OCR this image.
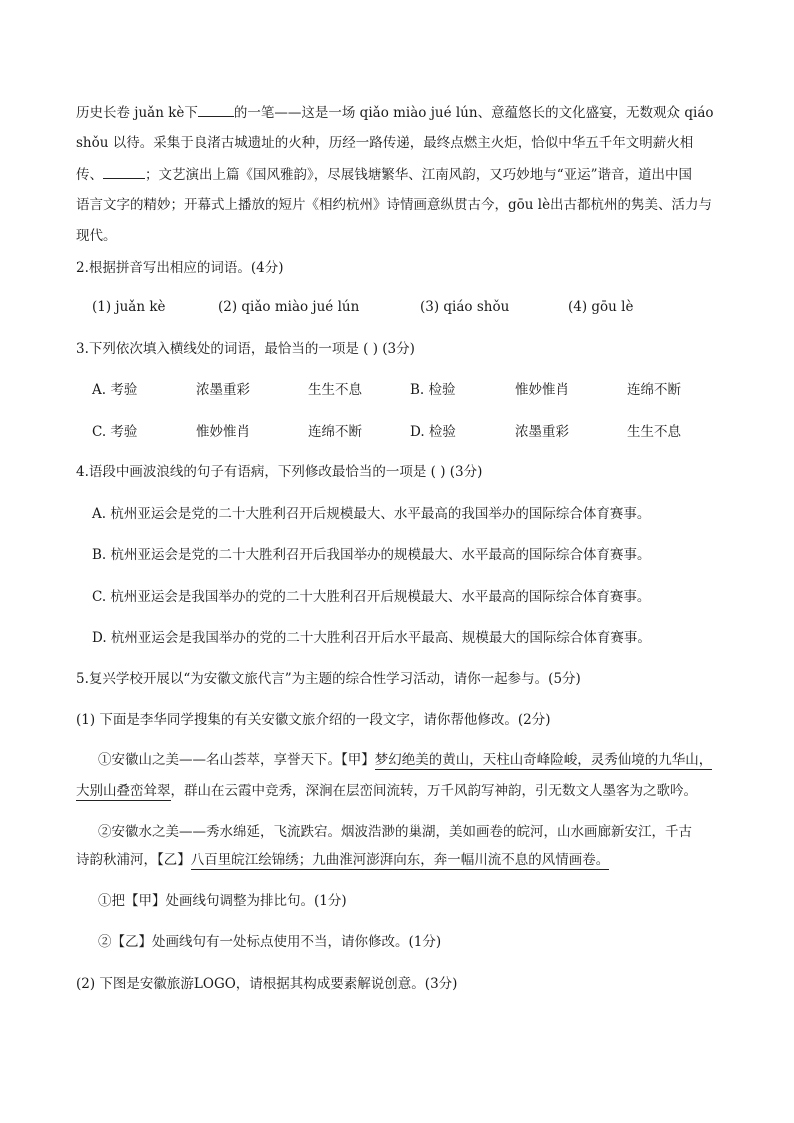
历史长卷 juǎn kè下	的一笔——这是一场 qiǎo miào jué lún、意蕴悠长的文化盛宴，无数观众 qiáo
shǒu 以待。采集于良渚古城遗址的火种，历经一路传递，最终点燃主火炬，恰似中华五千年文明薪火相
传、	；文艺演出上篇《国风雅韵》，尽展钱塘繁华、江南风韵，又巧妙地与“亚运”谐音，道出中国
语言文字的精妙；开幕式上播放的短片《相约杭州》诗情画意纵贯古今，gōu lè出古都杭州的隽美、活力与
现代。
2.根据拼音写出相应的词语。(4分)
(1) juǎn kè	(2) qiǎo miào jué lún	(3) qiáo shǒu	(4) gōu lè
3.下列依次填入横线处的词语，最恰当的一项是 ( ) (3分)
A. 考验	浓墨重彩	生生不息	B. 检验	惟妙惟肖	连绵不断
C. 考验	惟妙惟肖	连绵不断	D. 检验	浓墨重彩	生生不息
4.语段中画波浪线的句子有语病，下列修改最恰当的一项是 ( ) (3分)
A. 杭州亚运会是党的二十大胜利召开后规模最大、水平最高的我国举办的国际综合体育赛事。
B. 杭州亚运会是党的二十大胜利召开后我国举办的规模最大、水平最高的国际综合体育赛事。
C. 杭州亚运会是我国举办的党的二十大胜利召开后规模最大、水平最高的国际综合体育赛事。
D. 杭州亚运会是我国举办的党的二十大胜利召开后水平最高、规模最大的国际综合体育赛事。
5.复兴学校开展以“为安徽文旅代言”为主题的综合性学习活动，请你一起参与。(5分)
(1) 下面是李华同学搜集的有关安徽文旅介绍的一段文字，请你帮他修改。(2分)
①安徽山之美——名山荟萃，享誉天下。【甲】梦幻绝美的黄山，天柱山奇峰险峻，灵秀仙境的九华山，
大别山叠峦耸翠，群山在云霞中竞秀，深涧在层峦间流转，万千风韵写神韵，引无数文人墨客为之歌吟。
②安徽水之美——秀水绵延，飞流跌宕。烟波浩渺的巢湖，美如画卷的皖河，山水画廊新安江，千古
诗韵秋浦河，【乙】八百里皖江绘锦绣；九曲淮河澎湃向东，奔一幅川流不息的风情画卷。
①把【甲】处画线句调整为排比句。(1分)
②【乙】处画线句有一处标点使用不当，请你修改。(1分)
(2) 下图是安徽旅游LOGO，请根据其构成要素解说创意。(3分)
